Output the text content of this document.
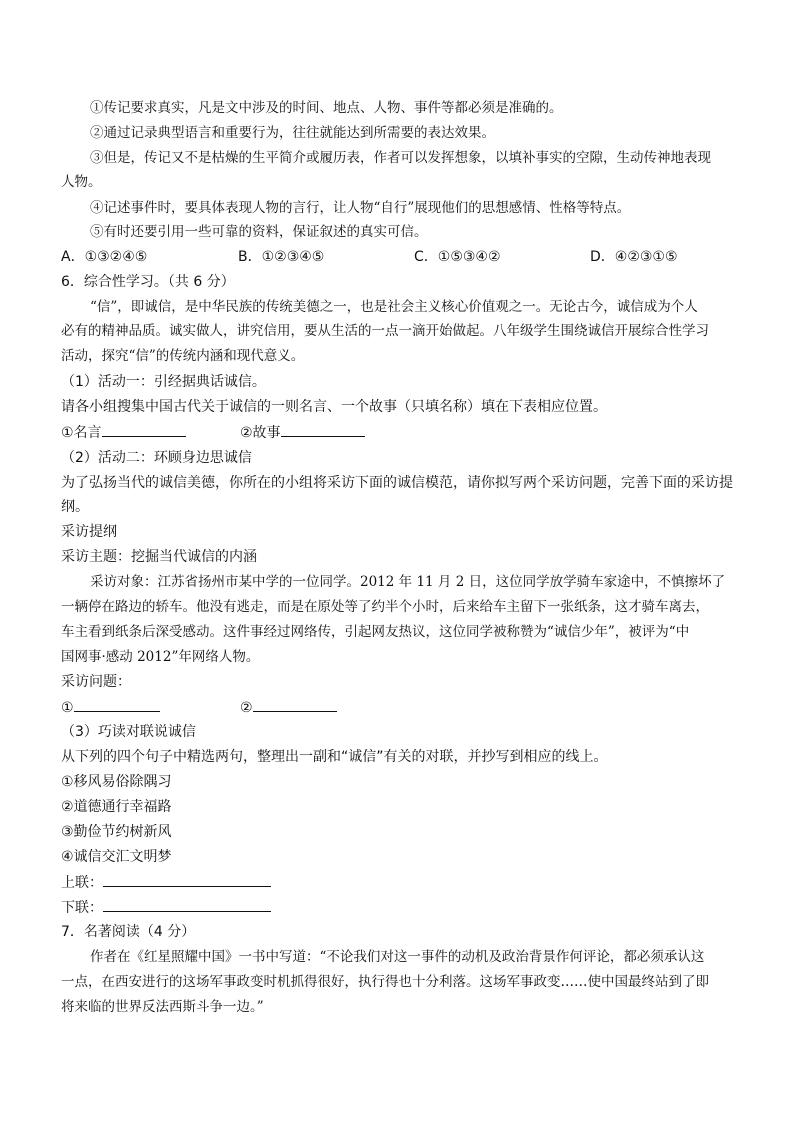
①传记要求真实，凡是文中涉及的时间、地点、人物、事件等都必须是准确的。
②通过记录典型语言和重要行为，往往就能达到所需要的表达效果。
③但是，传记又不是枯燥的生平简介或履历表，作者可以发挥想象，以填补事实的空隙，生动传神地表现
人物。
④记述事件时，要具体表现人物的言行，让人物“自行”展现他们的思想感情、性格等特点。
⑤有时还要引用一些可靠的资料，保证叙述的真实可信。
A．①③②④⑤	B．①②③④⑤	C．①⑤③④②	D．④②③①⑤
6．综合性学习。（共 6 分）
“信”，即诚信，是中华民族的传统美德之一，也是社会主义核心价值观之一。无论古今，诚信成为个人
必有的精神品质。诚实做人，讲究信用，要从生活的一点一滴开始做起。八年级学生围绕诚信开展综合性学习
活动，探究“信”的传统内涵和现代意义。
（1）活动一：引经据典话诚信。
请各小组搜集中国古代关于诚信的一则名言、一个故事（只填名称）填在下表相应位置。
①名言	②故事
（2）活动二：环顾身边思诚信
为了弘扬当代的诚信美德，你所在的小组将采访下面的诚信模范，请你拟写两个采访问题，完善下面的采访提
纲。
采访提纲
采访主题：挖掘当代诚信的内涵
采访对象：江苏省扬州市某中学的一位同学。2012 年 11 月 2 日，这位同学放学骑车家途中，不慎擦坏了
一辆停在路边的轿车。他没有逃走，而是在原处等了约半个小时，后来给车主留下一张纸条，这才骑车离去，
车主看到纸条后深受感动。这件事经过网络传，引起网友热议，这位同学被称赞为“诚信少年”，被评为“中
国网事·感动 2012”年网络人物。
采访问题：
①	②
（3）巧读对联说诚信
从下列的四个句子中精选两句，整理出一副和“诚信”有关的对联，并抄写到相应的线上。
①移风易俗除隅习
②道德通行幸福路
③勤俭节约树新风
④诚信交汇文明梦
上联：
下联：
7．名著阅读（4 分）
作者在《红星照耀中国》一书中写道：“不论我们对这一事件的动机及政治背景作何评论，都必须承认这
一点，在西安进行的这场军事政变时机抓得很好，执行得也十分利落。这场军事政变……使中国最终站到了即
将来临的世界反法西斯斗争一边。”
